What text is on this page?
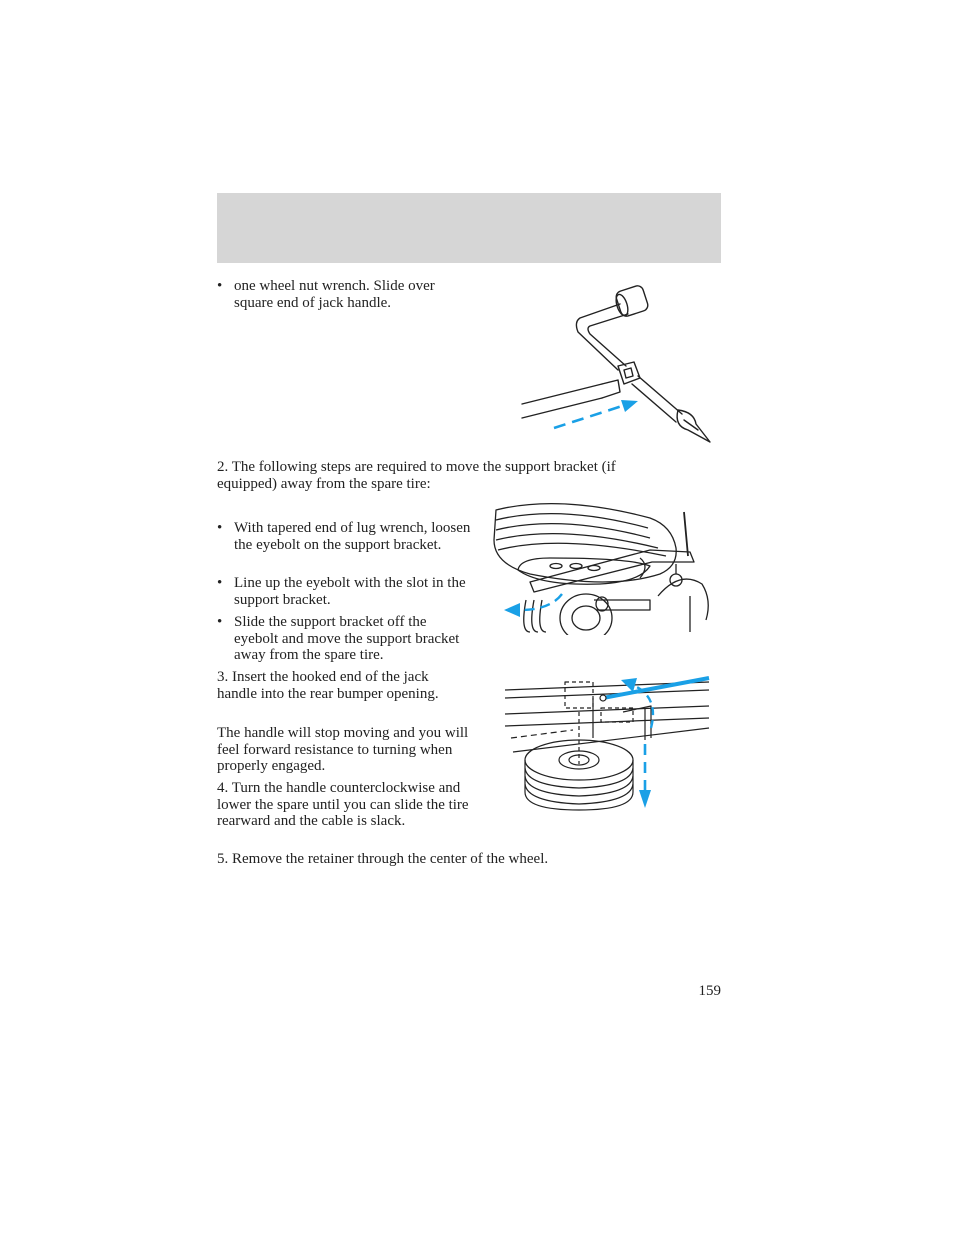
• one wheel nut wrench. Slide over square end of jack handle.
2. The following steps are required to move the support bracket (if equipped) away from the spare tire:
• With tapered end of lug wrench, loosen the eyebolt on the support bracket.
• Line up the eyebolt with the slot in the support bracket.
• Slide the support bracket off the eyebolt and move the support bracket away from the spare tire.
3. Insert the hooked end of the jack handle into the rear bumper opening.
The handle will stop moving and you will feel forward resistance to turning when properly engaged.
4. Turn the handle counterclockwise and lower the spare until you can slide the tire rearward and the cable is slack.
5. Remove the retainer through the center of the wheel.
159
